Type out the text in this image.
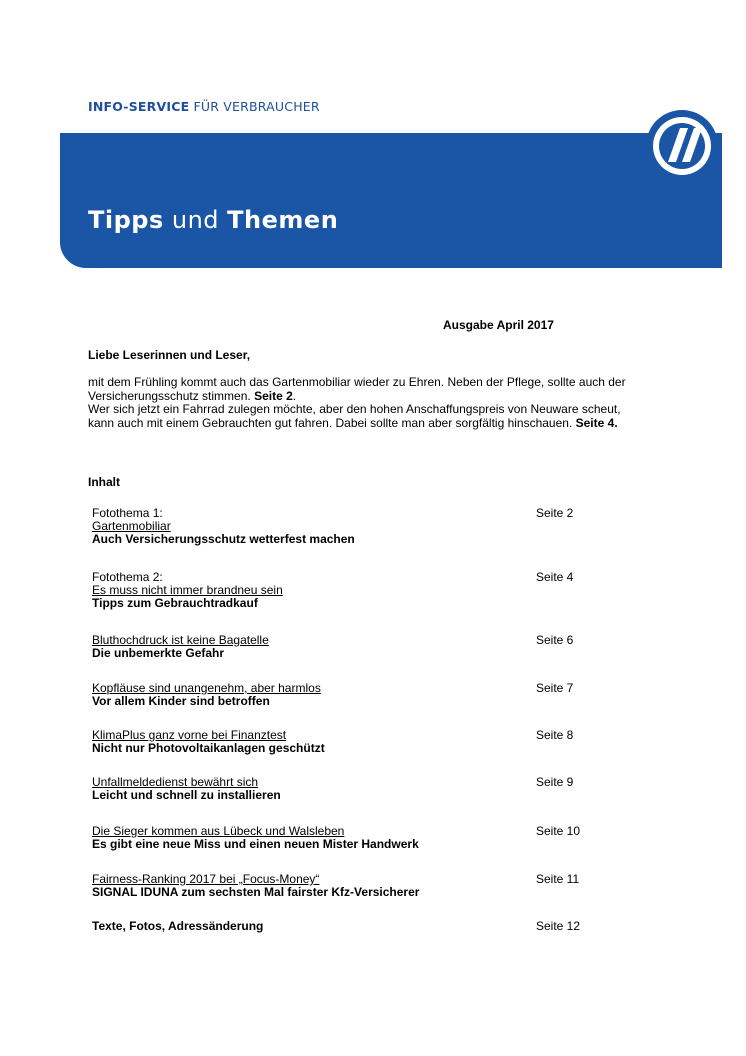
INFO-SERVICE FÜR VERBRAUCHER
Tipps und Themen
Ausgabe April 2017
Liebe Leserinnen und Leser,

mit dem Frühling kommt auch das Gartenmobiliar wieder zu Ehren. Neben der Pflege, sollte auch der Versicherungsschutz stimmen. Seite 2.

Wer sich jetzt ein Fahrrad zulegen möchte, aber den hohen Anschaffungspreis von Neuware scheut, kann auch mit einem Gebrauchten gut fahren. Dabei sollte man aber sorgfältig hinschauen. Seite 4.

Inhalt
Fotothema 1:
Gartenmobiliar
Auch Versicherungsschutz wetterfest machen
Seite 2
Fotothema 2:
Es muss nicht immer brandneu sein
Tipps zum Gebrauchtradkauf
Seite 4
Bluthochdruck ist keine Bagatelle
Die unbemerkte Gefahr
Seite 6
Kopfläuse sind unangenehm, aber harmlos
Vor allem Kinder sind betroffen
Seite 7
KlimaPlus ganz vorne bei Finanztest
Nicht nur Photovoltaikanlagen geschützt
Seite 8
Unfallmeldedienst bewährt sich
Leicht und schnell zu installieren
Seite 9
Die Sieger kommen aus Lübeck und Walsleben
Es gibt eine neue Miss und einen neuen Mister Handwerk
Seite 10
Fairness-Ranking 2017 bei „Focus-Money“
SIGNAL IDUNA zum sechsten Mal fairster Kfz-Versicherer
Seite 11
Texte, Fotos, Adressänderung	Seite 12
